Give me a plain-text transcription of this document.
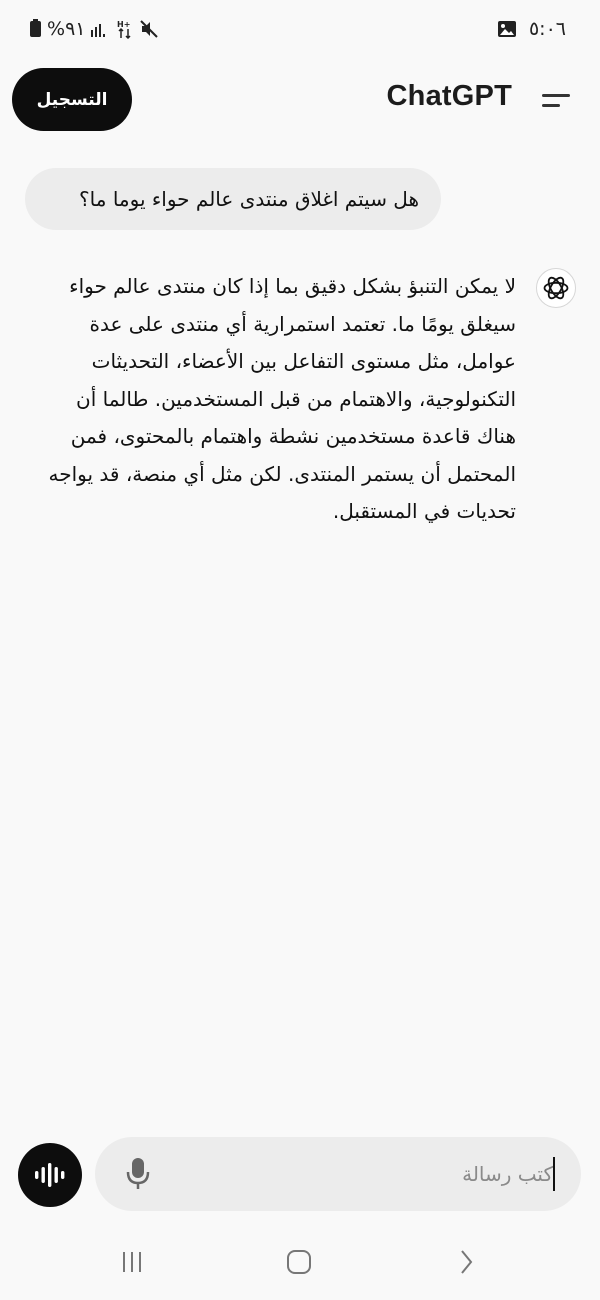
%٩١	H+	٥:٠٦
التسجيل	ChatGPT
هل سيتم اغلاق منتدى عالم حواء يوما ما؟

لا يمكن التنبؤ بشكل دقيق بما إذا كان منتدى عالم حواء سيغلق يومًا ما. تعتمد استمرارية أي منتدى على عدة عوامل، مثل مستوى التفاعل بين الأعضاء، التحديثات التكنولوجية، والاهتمام من قبل المستخدمين. طالما أن هناك قاعدة مستخدمين نشطة واهتمام بالمحتوى، فمن المحتمل أن يستمر المنتدى. لكن مثل أي منصة، قد يواجه تحديات في المستقبل.

كتب رسالة
